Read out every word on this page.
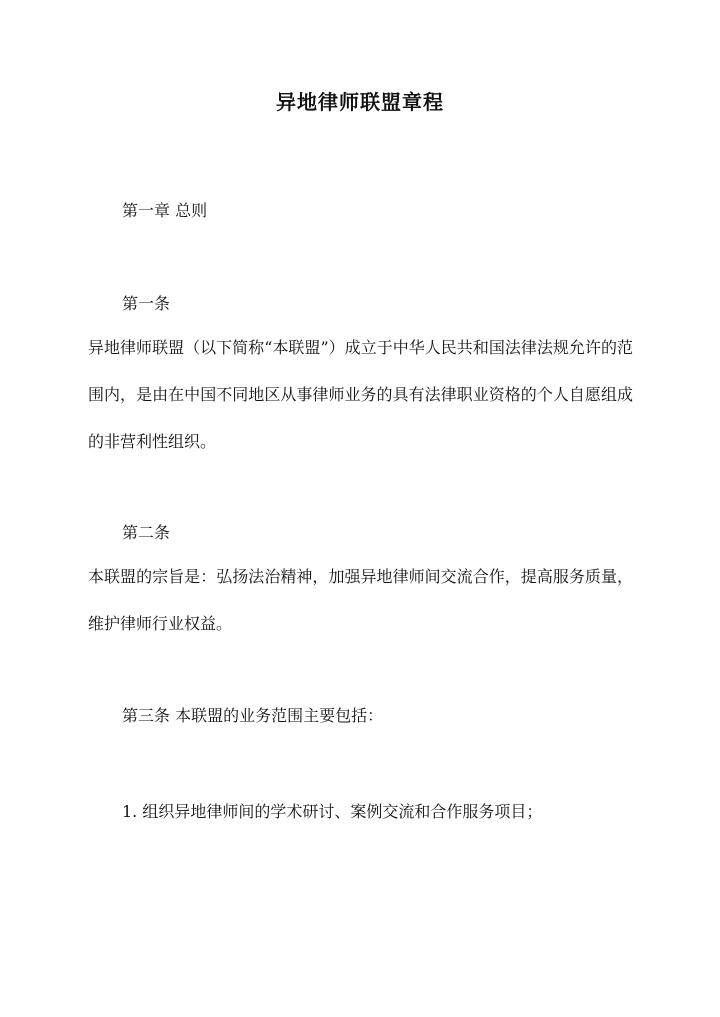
异地律师联盟章程
第一章 总则
第一条
异地律师联盟（以下简称“本联盟”）成立于中华人民共和国法律法规允许的范围内，是由在中国不同地区从事律师业务的具有法律职业资格的个人自愿组成的非营利性组织。
第二条
本联盟的宗旨是：弘扬法治精神，加强异地律师间交流合作，提高服务质量，维护律师行业权益。
第三条 本联盟的业务范围主要包括：
1. 组织异地律师间的学术研讨、案例交流和合作服务项目；
